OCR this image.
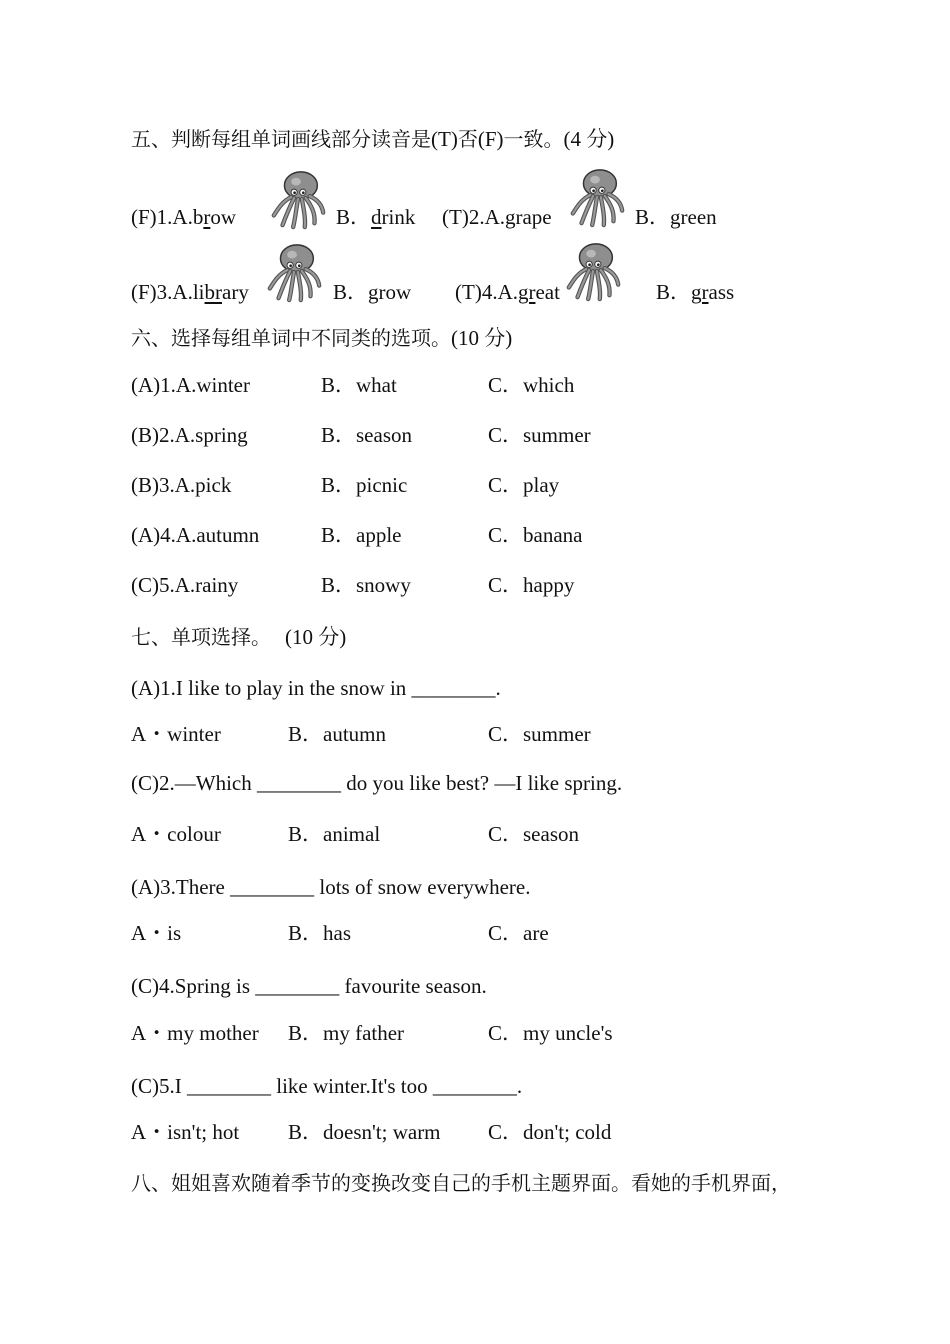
五、判断每组单词画线部分读音是(T)否(F)一致。(4 分)
(F)1.A.brow	B．drink (T)2.A.grape	B．green
(F)3.A.library	B．grow (T)4.A.great	B．grass
六、选择每组单词中不同类的选项。(10 分)
(A)1.A.winter	B．what	C．which
(B)2.A.spring	B．season	C．summer
(B)3.A.pick	B．picnic	C．play
(A)4.A.autumn	B．apple	C．banana
(C)5.A.rainy	B．snowy	C．happy
七、单项选择。 (10 分)
(A)1.I like to play in the snow in ________.
A・winter	B．autumn	C．summer
(C)2.—Which ________ do you like best? —I like spring.
A・colour	B．animal	C．season
(A)3.There ________ lots of snow everywhere.
A・is	B．has	C．are
(C)4.Spring is ________ favourite season.
A・my mother B．my father	C．my uncle's
(C)5.I ________ like winter.It's too ________.
A・isn't; hot B．doesn't; warm C．don't; cold
八、姐姐喜欢随着季节的变换改变自己的手机主题界面。看她的手机界面，
